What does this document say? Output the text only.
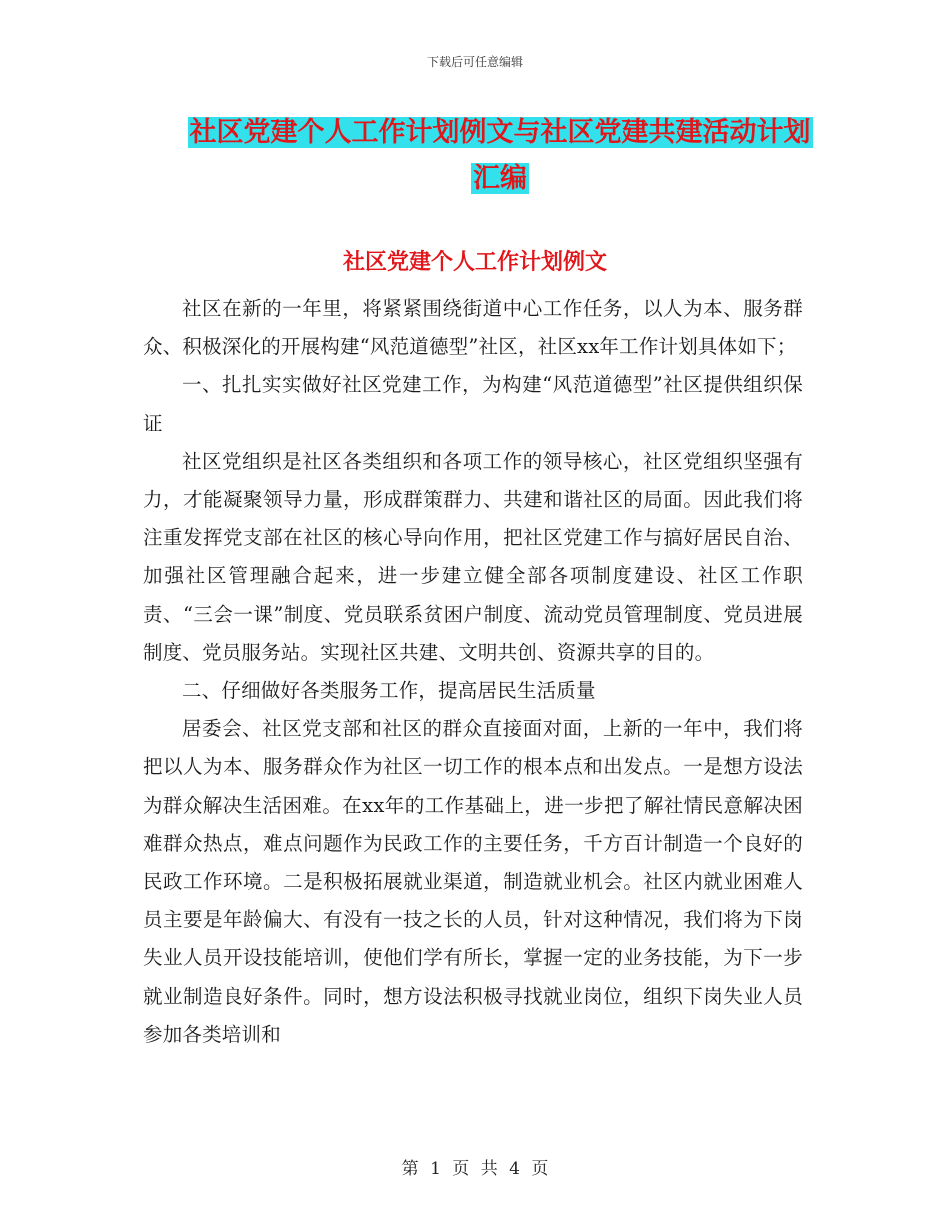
下载后可任意编辑
社区党建个人工作计划例文与社区党建共建活动计划汇编
社区党建个人工作计划例文

社区在新的一年里，将紧紧围绕街道中心工作任务，以人为本、服务群众、积极深化的开展构建“风范道德型”社区，社区xx年工作计划具体如下；

一、扎扎实实做好社区党建工作，为构建“风范道德型”社区提供组织保证

社区党组织是社区各类组织和各项工作的领导核心，社区党组织坚强有力，才能凝聚领导力量，形成群策群力、共建和谐社区的局面。因此我们将注重发挥党支部在社区的核心导向作用，把社区党建工作与搞好居民自治、加强社区管理融合起来，进一步建立健全部各项制度建设、社区工作职责、“三会一课”制度、党员联系贫困户制度、流动党员管理制度、党员进展制度、党员服务站。实现社区共建、文明共创、资源共享的目的。

二、仔细做好各类服务工作，提高居民生活质量

居委会、社区党支部和社区的群众直接面对面，上新的一年中，我们将把以人为本、服务群众作为社区一切工作的根本点和出发点。一是想方设法为群众解决生活困难。在xx年的工作基础上，进一步把了解社情民意解决困难群众热点，难点问题作为民政工作的主要任务，千方百计制造一个良好的民政工作环境。二是积极拓展就业渠道，制造就业机会。社区内就业困难人员主要是年龄偏大、有没有一技之长的人员，针对这种情况，我们将为下岗失业人员开设技能培训，使他们学有所长，掌握一定的业务技能，为下一步就业制造良好条件。同时，想方设法积极寻找就业岗位，组织下岗失业人员参加各类培训和

第 1 页 共 4 页
